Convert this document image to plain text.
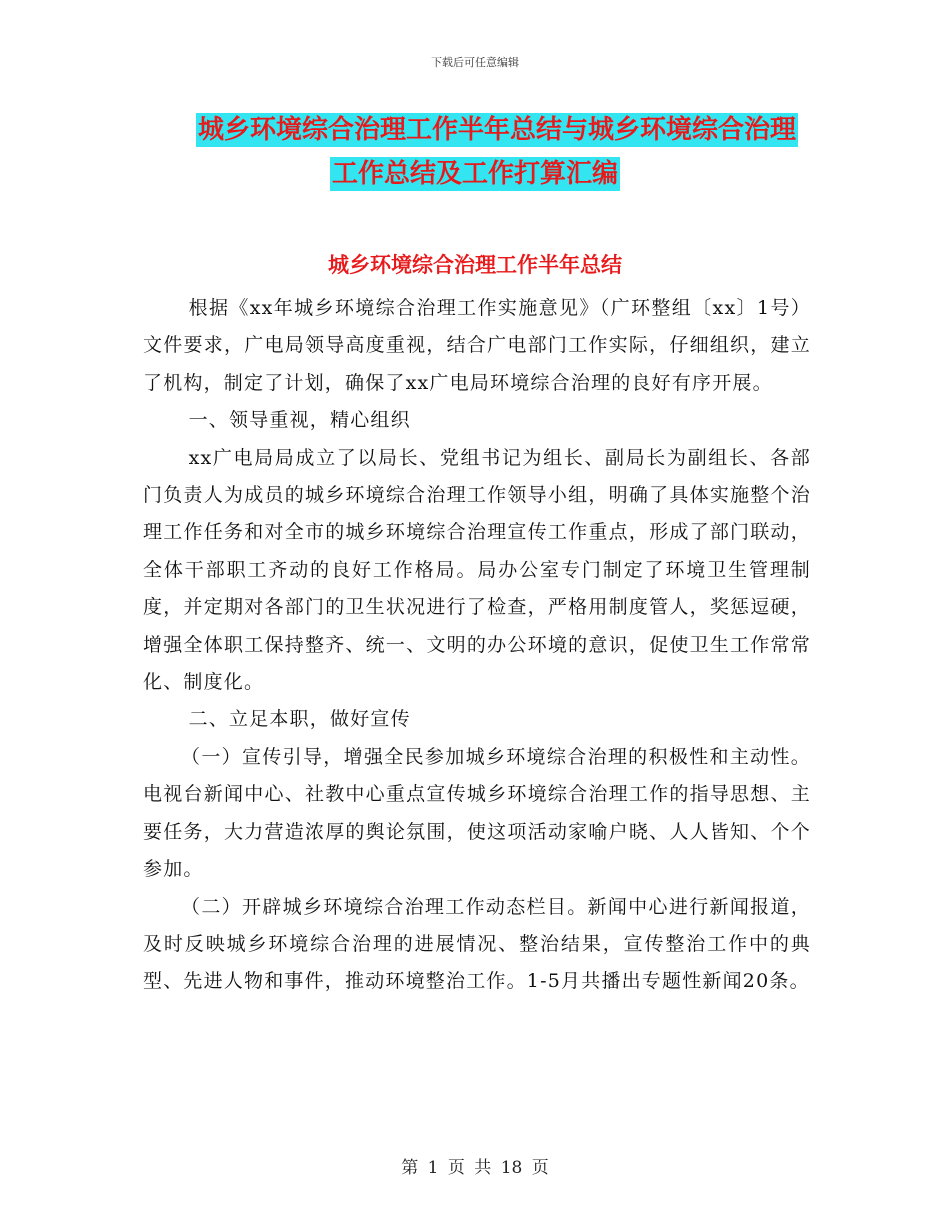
下载后可任意编辑
城乡环境综合治理工作半年总结与城乡环境综合治理
工作总结及工作打算汇编
城乡环境综合治理工作半年总结

根据《xx年城乡环境综合治理工作实施意见》（广环整组〔xx〕1号）文件要求，广电局领导高度重视，结合广电部门工作实际，仔细组织，建立了机构，制定了计划，确保了xx广电局环境综合治理的良好有序开展。

一、领导重视，精心组织

xx广电局局成立了以局长、党组书记为组长、副局长为副组长、各部门负责人为成员的城乡环境综合治理工作领导小组，明确了具体实施整个治理工作任务和对全市的城乡环境综合治理宣传工作重点，形成了部门联动，全体干部职工齐动的良好工作格局。局办公室专门制定了环境卫生管理制度，并定期对各部门的卫生状况进行了检查，严格用制度管人，奖惩逗硬，增强全体职工保持整齐、统一、文明的办公环境的意识，促使卫生工作常常化、制度化。

二、立足本职，做好宣传

（一）宣传引导，增强全民参加城乡环境综合治理的积极性和主动性。电视台新闻中心、社教中心重点宣传城乡环境综合治理工作的指导思想、主要任务，大力营造浓厚的舆论氛围，使这项活动家喻户晓、人人皆知、个个参加。

（二）开辟城乡环境综合治理工作动态栏目。新闻中心进行新闻报道，及时反映城乡环境综合治理的进展情况、整治结果，宣传整治工作中的典型、先进人物和事件，推动环境整治工作。1-5月共播出专题性新闻20条。

第 1 页 共 18 页
